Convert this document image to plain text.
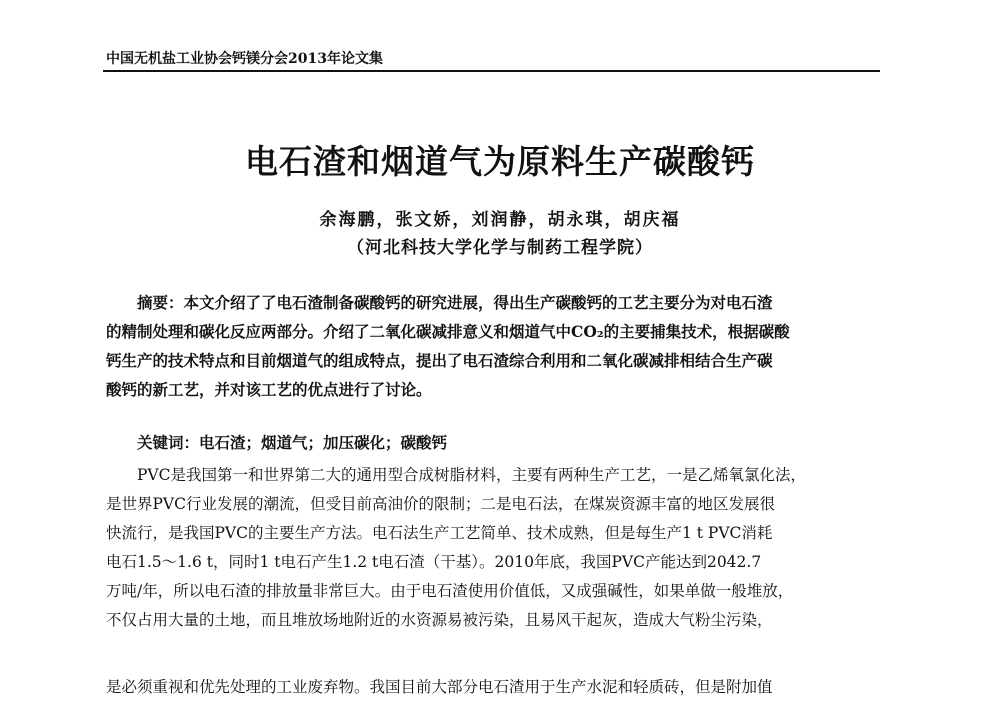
中国无机盐工业协会钙镁分会2013年论文集
电石渣和烟道气为原料生产碳酸钙
余海鹏，张文娇，刘润静，胡永琪，胡庆福
（河北科技大学化学与制药工程学院）
摘要：本文介绍了了电石渣制备碳酸钙的研究进展，得出生产碳酸钙的工艺主要分为对电石渣
的精制处理和碳化反应两部分。介绍了二氧化碳减排意义和烟道气中CO₂的主要捕集技术，根据碳酸
钙生产的技术特点和目前烟道气的组成特点，提出了电石渣综合利用和二氧化碳减排相结合生产碳
酸钙的新工艺，并对该工艺的优点进行了讨论。
关键词：电石渣；烟道气；加压碳化；碳酸钙
PVC是我国第一和世界第二大的通用型合成树脂材料，主要有两种生产工艺，一是乙烯氧氯化法，
是世界PVC行业发展的潮流，但受目前高油价的限制；二是电石法，在煤炭资源丰富的地区发展很
快流行，是我国PVC的主要生产方法。电石法生产工艺简单、技术成熟，但是每生产1 t PVC消耗
电石1.5～1.6 t，同时1 t电石产生1.2 t电石渣（干基）。2010年底，我国PVC产能达到2042.7
万吨/年，所以电石渣的排放量非常巨大。由于电石渣使用价值低，又成强碱性，如果单做一般堆放，
不仅占用大量的土地，而且堆放场地附近的水资源易被污染，且易风干起灰，造成大气粉尘污染，
是必须重视和优先处理的工业废弃物。我国目前大部分电石渣用于生产水泥和轻质砖，但是附加值
